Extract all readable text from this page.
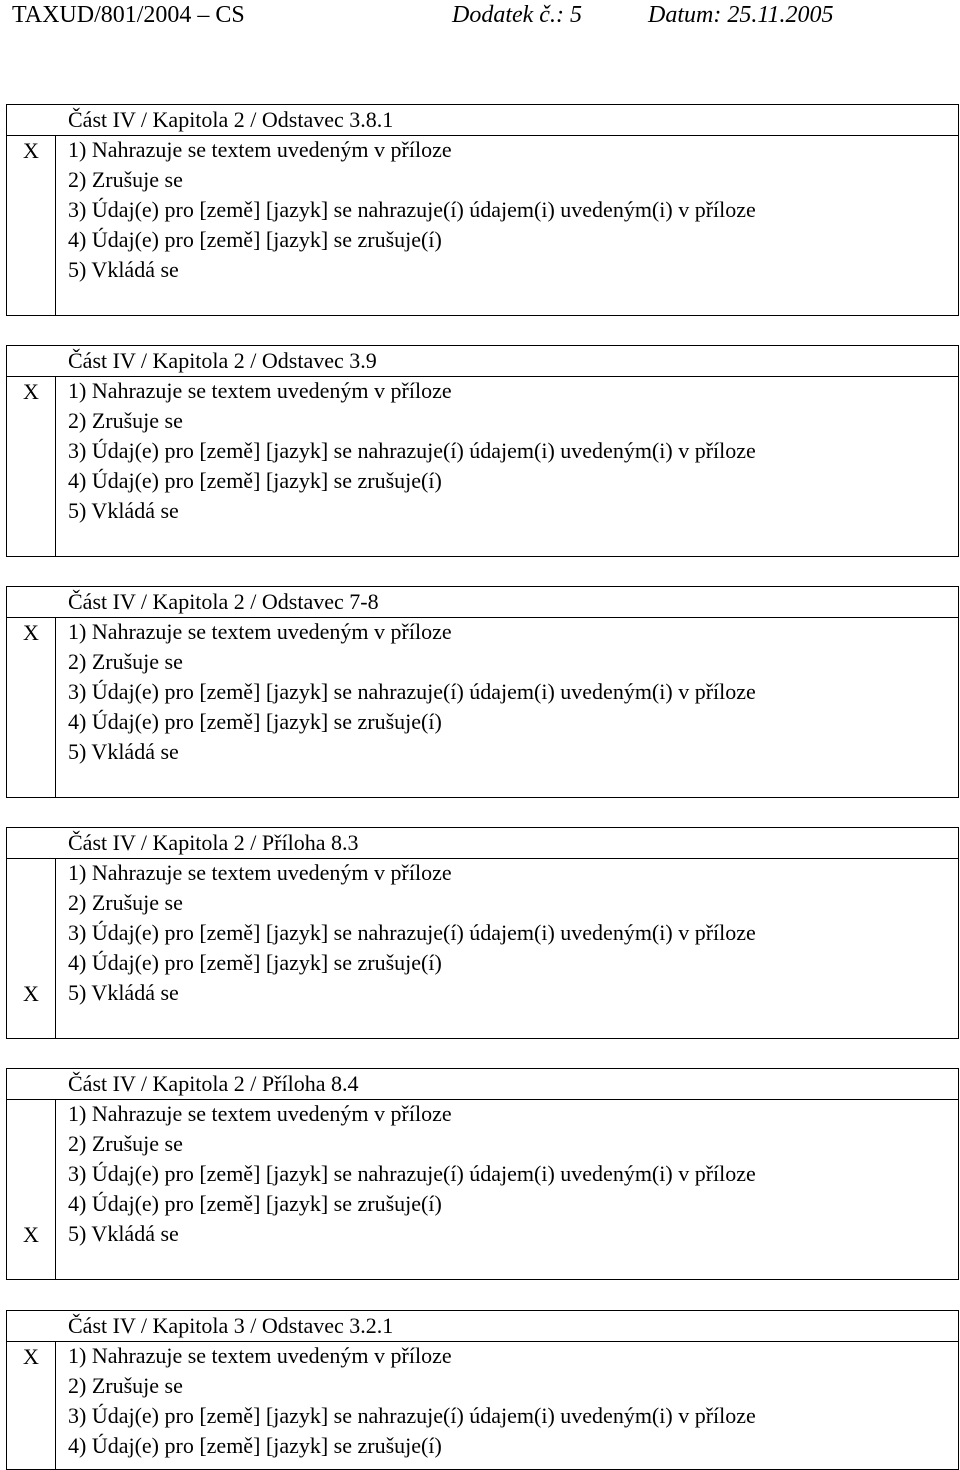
TAXUD/801/2004 – CS	Dodatek č.: 5	Datum: 25.11.2005
X
Část IV / Kapitola 2 / Odstavec 3.8.1
1) Nahrazuje se textem uvedeným v příloze
2) Zrušuje se
3) Údaj(e) pro [země] [jazyk] se nahrazuje(í) údajem(i) uvedeným(i) v příloze
4) Údaj(e) pro [země] [jazyk] se zrušuje(í)
5) Vkládá se
X
Část IV / Kapitola 2 / Odstavec 3.9
1) Nahrazuje se textem uvedeným v příloze
2) Zrušuje se
3) Údaj(e) pro [země] [jazyk] se nahrazuje(í) údajem(i) uvedeným(i) v příloze
4) Údaj(e) pro [země] [jazyk] se zrušuje(í)
5) Vkládá se
X
Část IV / Kapitola 2 / Odstavec 7-8
1) Nahrazuje se textem uvedeným v příloze
2) Zrušuje se
3) Údaj(e) pro [země] [jazyk] se nahrazuje(í) údajem(i) uvedeným(i) v příloze
4) Údaj(e) pro [země] [jazyk] se zrušuje(í)
5) Vkládá se
X
Část IV / Kapitola 2 / Příloha 8.3
1) Nahrazuje se textem uvedeným v příloze
2) Zrušuje se
3) Údaj(e) pro [země] [jazyk] se nahrazuje(í) údajem(i) uvedeným(i) v příloze
4) Údaj(e) pro [země] [jazyk] se zrušuje(í)
5) Vkládá se
X
Část IV / Kapitola 2 / Příloha 8.4
1) Nahrazuje se textem uvedeným v příloze
2) Zrušuje se
3) Údaj(e) pro [země] [jazyk] se nahrazuje(í) údajem(i) uvedeným(i) v příloze
4) Údaj(e) pro [země] [jazyk] se zrušuje(í)
5) Vkládá se
X
Část IV / Kapitola 3 / Odstavec 3.2.1
1) Nahrazuje se textem uvedeným v příloze
2) Zrušuje se
3) Údaj(e) pro [země] [jazyk] se nahrazuje(í) údajem(i) uvedeným(i) v příloze
4) Údaj(e) pro [země] [jazyk] se zrušuje(í)
